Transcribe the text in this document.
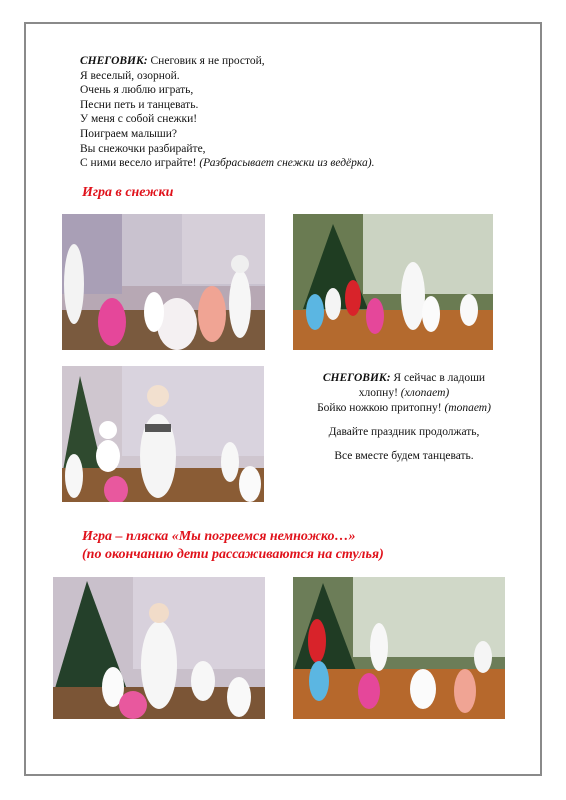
СНЕГОВИК: Снеговик я не простой,
Я веселый, озорной.
Очень я люблю играть,
Песни петь и танцевать.
У меня с собой снежки!
Поиграем малыши?
Вы снежочки разбирайте,
С ними весело играйте! (Разбрасывает снежки из ведёрка).
Игра в снежки

СНЕГОВИК: Я сейчас в ладоши

хлопну! (хлопает)

Бойко ножкою притопну! (топает)

Давайте праздник продолжать,

Все вместе будем танцевать.

Игра – пляска «Мы погреемся немножко…»
(по окончанию дети рассаживаются на стулья)
